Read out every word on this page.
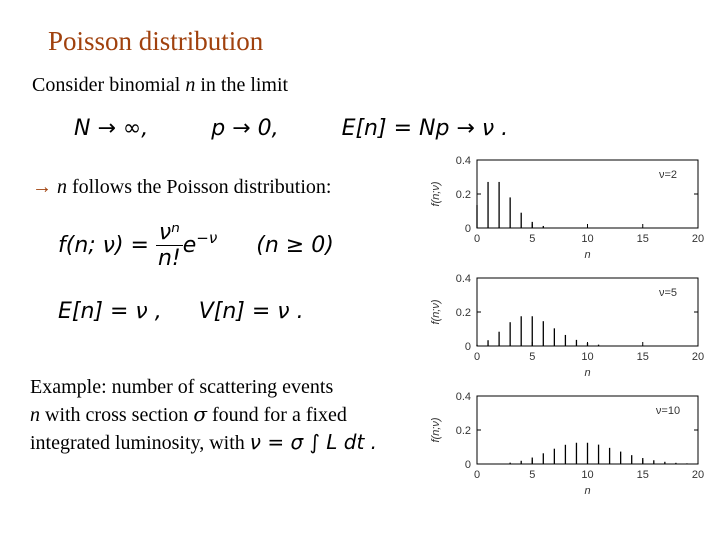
Poisson distribution
Consider binomial n in the limit
N → ∞,	p → 0,	E[n] = Np → ν .
→ n follows the Poisson distribution:
f(n; $\nu) = \frac{\text{νⁿ}}{n!} e^{-\nu}$ (n ≥ 0)
E[n] = ν , V[n] = ν .
Example: number of scattering events
n with cross section σ found for a fixed
integrated luminosity, with ν = σ ∫ L dt .
0	5	10	15	20
0
0.2
0.4
ν=2
n
f(n;ν)
0	5	10	15	20
0
0.2
0.4
ν=5
n
f(n;ν)
0	5	10	15	20
0
0.2
0.4
ν=10
n
f(n;ν)
